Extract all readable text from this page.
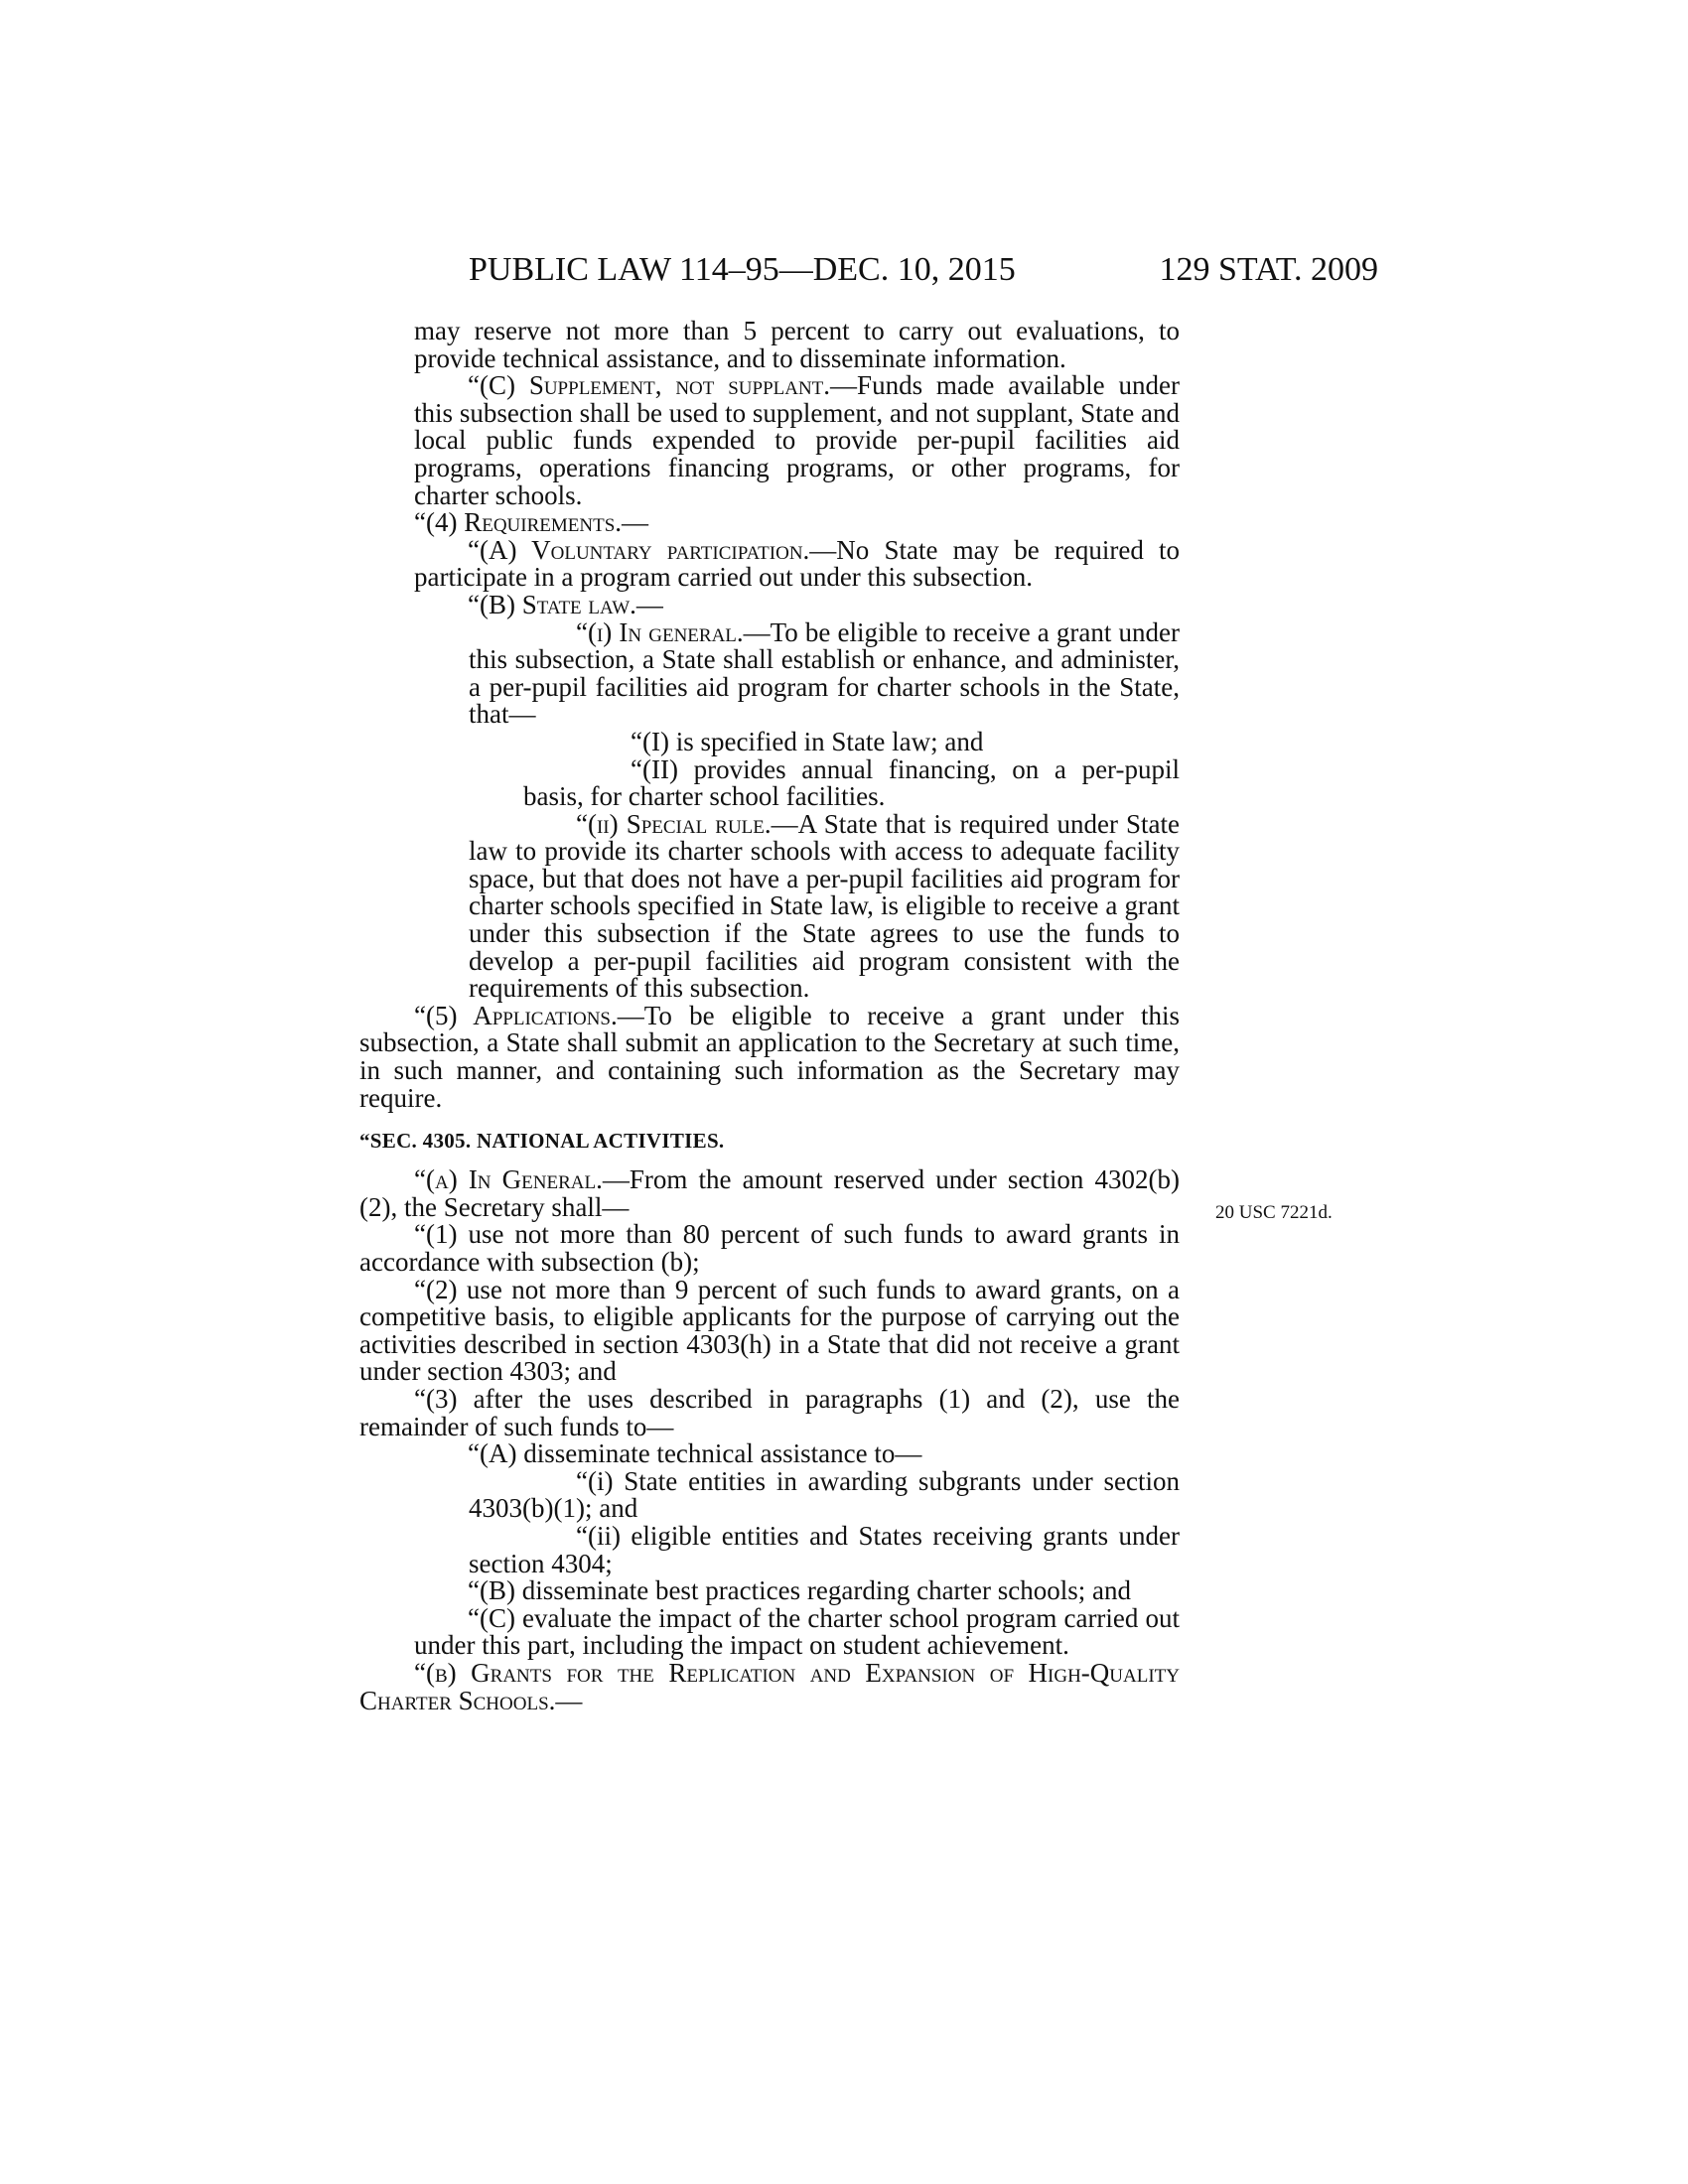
PUBLIC LAW 114–95—DEC. 10, 2015	129 STAT. 2009
20 USC 7221d.

may reserve not more than 5 percent to carry out evaluations, to provide technical assistance, and to disseminate information.

“(C) Supplement, not supplant.—Funds made available under this subsection shall be used to supplement, and not supplant, State and local public funds expended to provide per-pupil facilities aid programs, operations financing programs, or other programs, for charter schools.

“(4) Requirements.—

“(A) Voluntary participation.—No State may be required to participate in a program carried out under this subsection.

“(B) State law.—

“(i) In general.—To be eligible to receive a grant under this subsection, a State shall establish or enhance, and administer, a per-pupil facilities aid program for charter schools in the State, that—

“(I) is specified in State law; and

“(II) provides annual financing, on a per-pupil basis, for charter school facilities.

“(ii) Special rule.—A State that is required under State law to provide its charter schools with access to adequate facility space, but that does not have a per-pupil facilities aid program for charter schools specified in State law, is eligible to receive a grant under this subsection if the State agrees to use the funds to develop a per-pupil facilities aid program consistent with the requirements of this subsection.

“(5) Applications.—To be eligible to receive a grant under this subsection, a State shall submit an application to the Secretary at such time, in such manner, and containing such information as the Secretary may require.

“SEC. 4305. NATIONAL ACTIVITIES.

“(a) In General.—From the amount reserved under section 4302(b)(2), the Secretary shall—

“(1) use not more than 80 percent of such funds to award grants in accordance with subsection (b);

“(2) use not more than 9 percent of such funds to award grants, on a competitive basis, to eligible applicants for the purpose of carrying out the activities described in section 4303(h) in a State that did not receive a grant under section 4303; and

“(3) after the uses described in paragraphs (1) and (2), use the remainder of such funds to—

“(A) disseminate technical assistance to—

“(i) State entities in awarding subgrants under section 4303(b)(1); and

“(ii) eligible entities and States receiving grants under section 4304;

“(B) disseminate best practices regarding charter schools; and

“(C) evaluate the impact of the charter school program carried out under this part, including the impact on student achievement.

“(b) Grants for the Replication and Expansion of High-Quality Charter Schools.—
